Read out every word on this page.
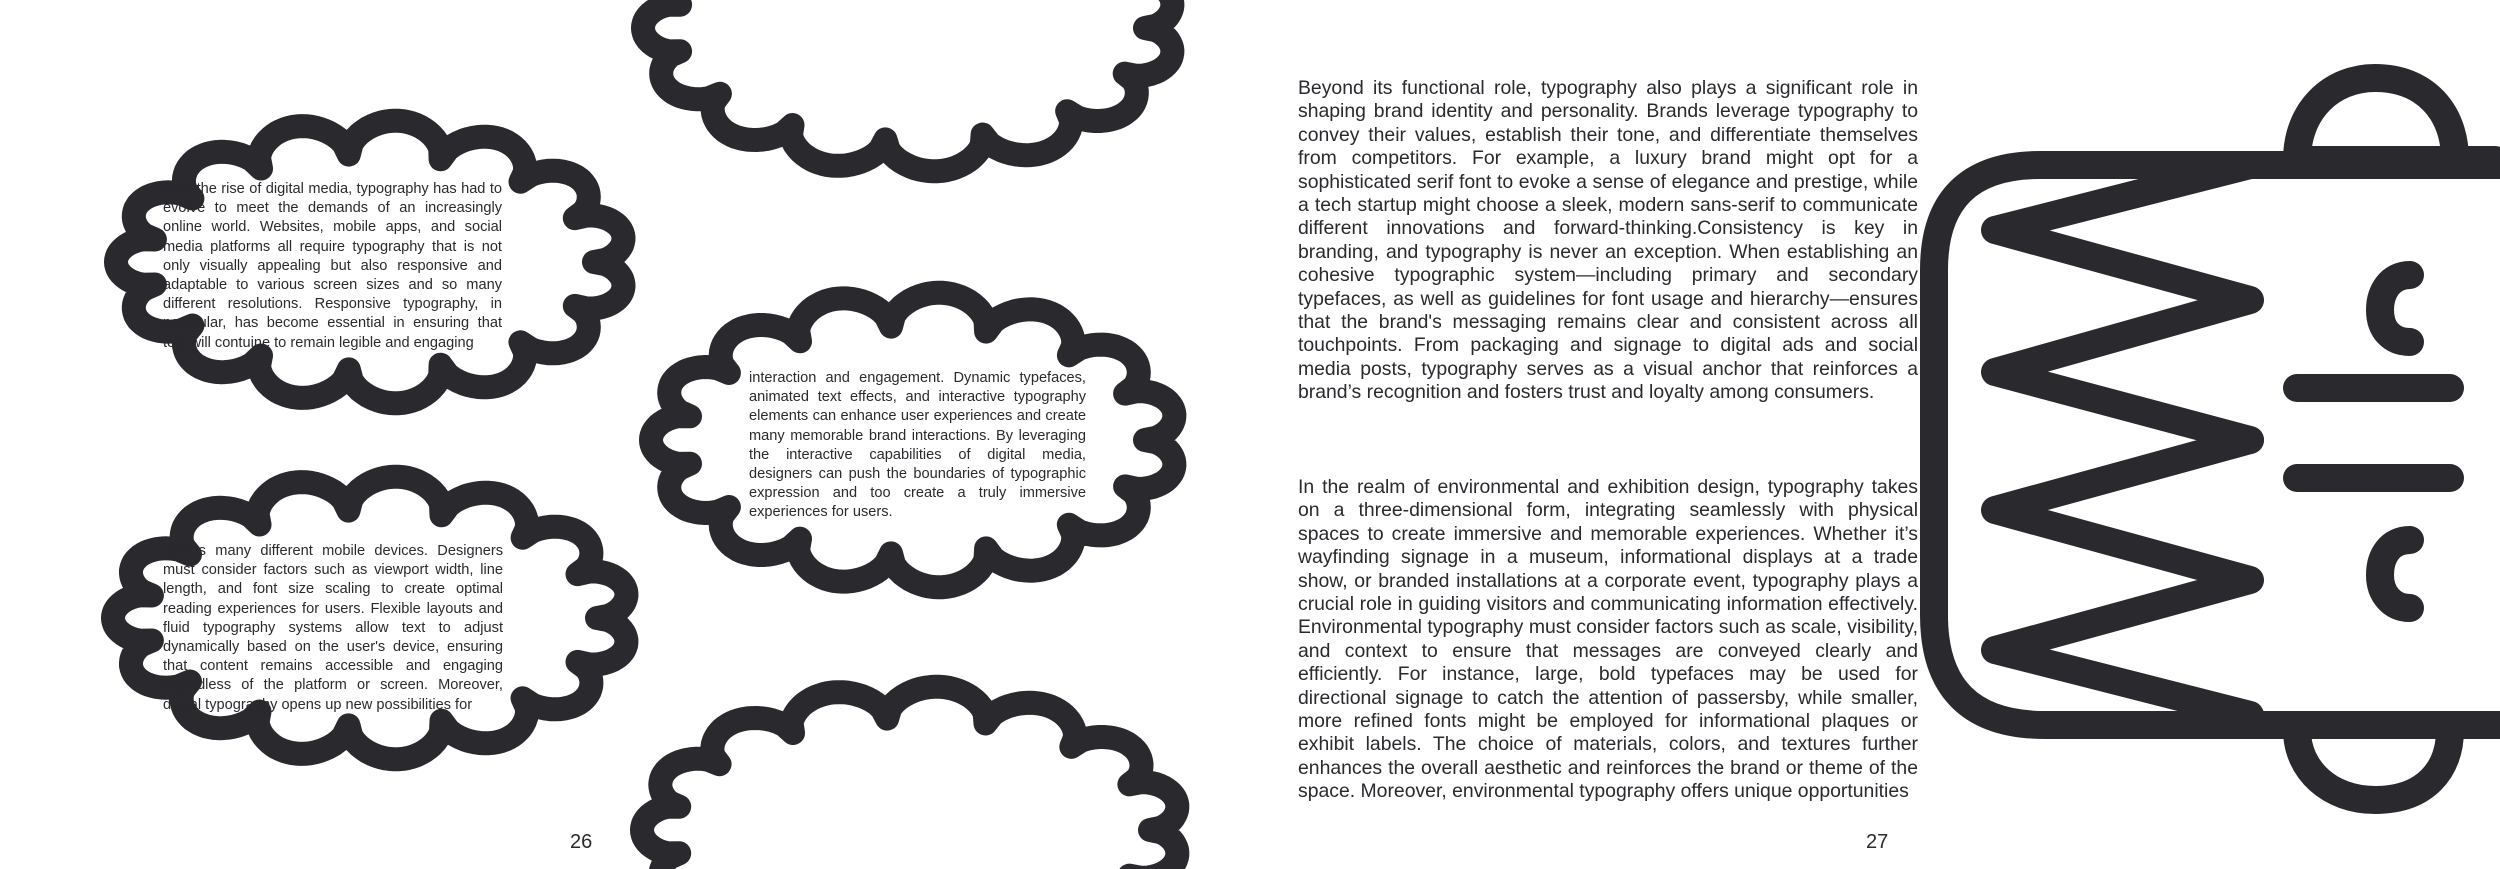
With the rise of digital media, typography has had to evolve to meet the demands of an increasingly online world. Websites, mobile apps, and social media platforms all require typography that is not only visually appealing but also responsive and adaptable to various screen sizes and so many different resolutions. Responsive typography, in particular, has become essential in ensuring that text will contuine to remain legible and engaging

across many different mobile devices. Designers must consider factors such as viewport width, line length, and font size scaling to create optimal reading experiences for users. Flexible layouts and fluid typography systems allow text to adjust dynamically based on the user's device, ensuring that content remains accessible and engaging regardless of the platform or screen. Moreover, digital typography opens up new possibilities for

interaction and engagement. Dynamic typefaces, animated text effects, and interactive typography elements can enhance user experiences and create many memorable brand interactions. By leveraging the interactive capabilities of digital media, designers can push the boundaries of typographic expression and too create a truly immersive experiences for users.

26

Beyond its functional role, typography also plays a significant role in shaping brand identity and personality. Brands leverage typography to convey their values, establish their tone, and differentiate themselves from competitors. For example, a luxury brand might opt for a sophisticated serif font to evoke a sense of elegance and prestige, while a tech startup might choose a sleek, modern sans-serif to communicate different innovations and forward-thinking.Consistency is key in branding, and typography is never an exception. When establishing an cohesive typographic system—including primary and secondary typefaces, as well as guidelines for font usage and hierarchy—ensures that the brand's messaging remains clear and consistent across all touchpoints. From packaging and signage to digital ads and social media posts, typography serves as a visual anchor that reinforces a brand’s recognition and fosters trust and loyalty among consumers.

In the realm of environmental and exhibition design, typography takes on a three-dimensional form, integrating seamlessly with physical spaces to create immersive and memorable experiences. Whether it’s wayfinding signage in a museum, informational displays at a trade show, or branded installations at a corporate event, typography plays a crucial role in guiding visitors and communicating information effectively. Environmental typography must consider factors such as scale, visibility, and context to ensure that messages are conveyed clearly and efficiently. For instance, large, bold typefaces may be used for directional signage to catch the attention of passersby, while smaller, more refined fonts might be employed for informational plaques or exhibit labels. The choice of materials, colors, and textures further enhances the overall aesthetic and reinforces the brand or theme of the space. Moreover, environmental typography offers unique opportunities

27
